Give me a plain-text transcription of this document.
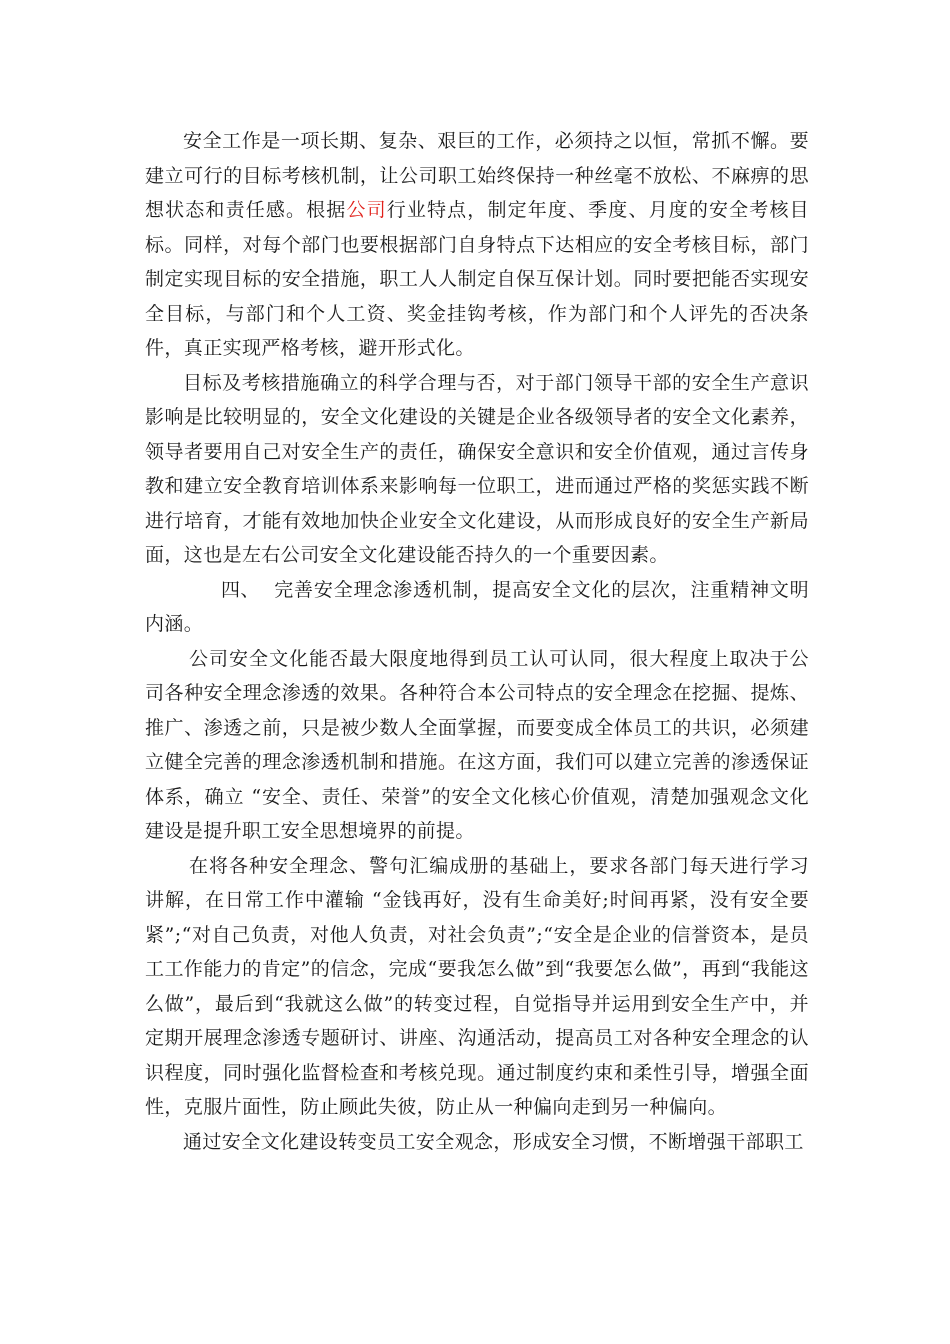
安全工作是一项长期、复杂、艰巨的工作，必须持之以恒，常抓不懈。要建立可行的目标考核机制，让公司职工始终保持一种丝毫不放松、不麻痹的思想状态和责任感。根据公司行业特点，制定年度、季度、月度的安全考核目标。同样，对每个部门也要根据部门自身特点下达相应的安全考核目标，部门制定实现目标的安全措施，职工人人制定自保互保计划。同时要把能否实现安全目标，与部门和个人工资、奖金挂钩考核，作为部门和个人评先的否决条件，真正实现严格考核，避开形式化。

目标及考核措施确立的科学合理与否，对于部门领导干部的安全生产意识影响是比较明显的，安全文化建设的关键是企业各级领导者的安全文化素养，领导者要用自己对安全生产的责任，确保安全意识和安全价值观，通过言传身教和建立安全教育培训体系来影响每一位职工，进而通过严格的奖惩实践不断进行培育，才能有效地加快企业安全文化建设，从而形成良好的安全生产新局面，这也是左右公司安全文化建设能否持久的一个重要因素。

四、 完善安全理念渗透机制，提高安全文化的层次，注重精神文明内涵。

公司安全文化能否最大限度地得到员工认可认同，很大程度上取决于公司各种安全理念渗透的效果。各种符合本公司特点的安全理念在挖掘、提炼、推广、渗透之前，只是被少数人全面掌握，而要变成全体员工的共识，必须建立健全完善的理念渗透机制和措施。在这方面，我们可以建立完善的渗透保证体系，确立 “安全、责任、荣誉”的安全文化核心价值观，清楚加强观念文化建设是提升职工安全思想境界的前提。

在将各种安全理念、警句汇编成册的基础上，要求各部门每天进行学习讲解，在日常工作中灌输 “金钱再好，没有生命美好;时间再紧，没有安全要紧”;“对自己负责，对他人负责，对社会负责”;“安全是企业的信誉资本，是员工工作能力的肯定”的信念，完成“要我怎么做”到“我要怎么做”，再到“我能这么做”，最后到“我就这么做”的转变过程，自觉指导并运用到安全生产中，并定期开展理念渗透专题研讨、讲座、沟通活动，提高员工对各种安全理念的认识程度，同时强化监督检查和考核兑现。通过制度约束和柔性引导，增强全面性，克服片面性，防止顾此失彼，防止从一种偏向走到另一种偏向。

通过安全文化建设转变员工安全观念，形成安全习惯，不断增强干部职工
